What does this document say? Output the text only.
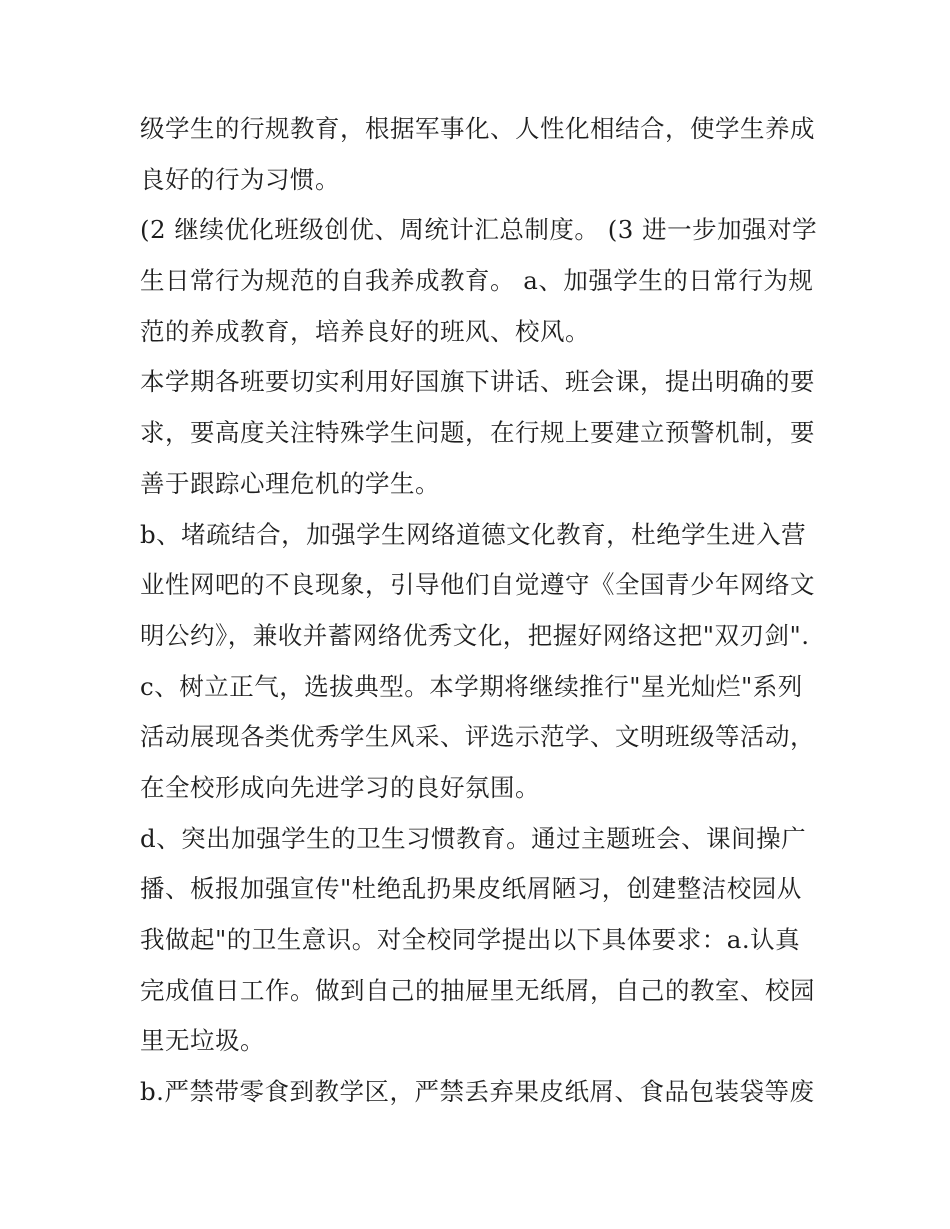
级学生的行规教育，根据军事化、人性化相结合，使学生养成
良好的行为习惯。
(2 继续优化班级创优、周统计汇总制度。 (3 进一步加强对学
生日常行为规范的自我养成教育。 a、加强学生的日常行为规
范的养成教育，培养良好的班风、校风。
本学期各班要切实利用好国旗下讲话、班会课，提出明确的要
求，要高度关注特殊学生问题，在行规上要建立预警机制，要
善于跟踪心理危机的学生。
b、堵疏结合，加强学生网络道德文化教育，杜绝学生进入营
业性网吧的不良现象，引导他们自觉遵守《全国青少年网络文
明公约》，兼收并蓄网络优秀文化，把握好网络这把"双刃剑".
c、树立正气，选拔典型。本学期将继续推行"星光灿烂"系列
活动展现各类优秀学生风采、评选示范学、文明班级等活动，
在全校形成向先进学习的良好氛围。
d、突出加强学生的卫生习惯教育。通过主题班会、课间操广
播、板报加强宣传"杜绝乱扔果皮纸屑陋习，创建整洁校园从
我做起"的卫生意识。对全校同学提出以下具体要求：a.认真
完成值日工作。做到自己的抽屉里无纸屑，自己的教室、校园
里无垃圾。
b.严禁带零食到教学区，严禁丢弃果皮纸屑、食品包装袋等废
